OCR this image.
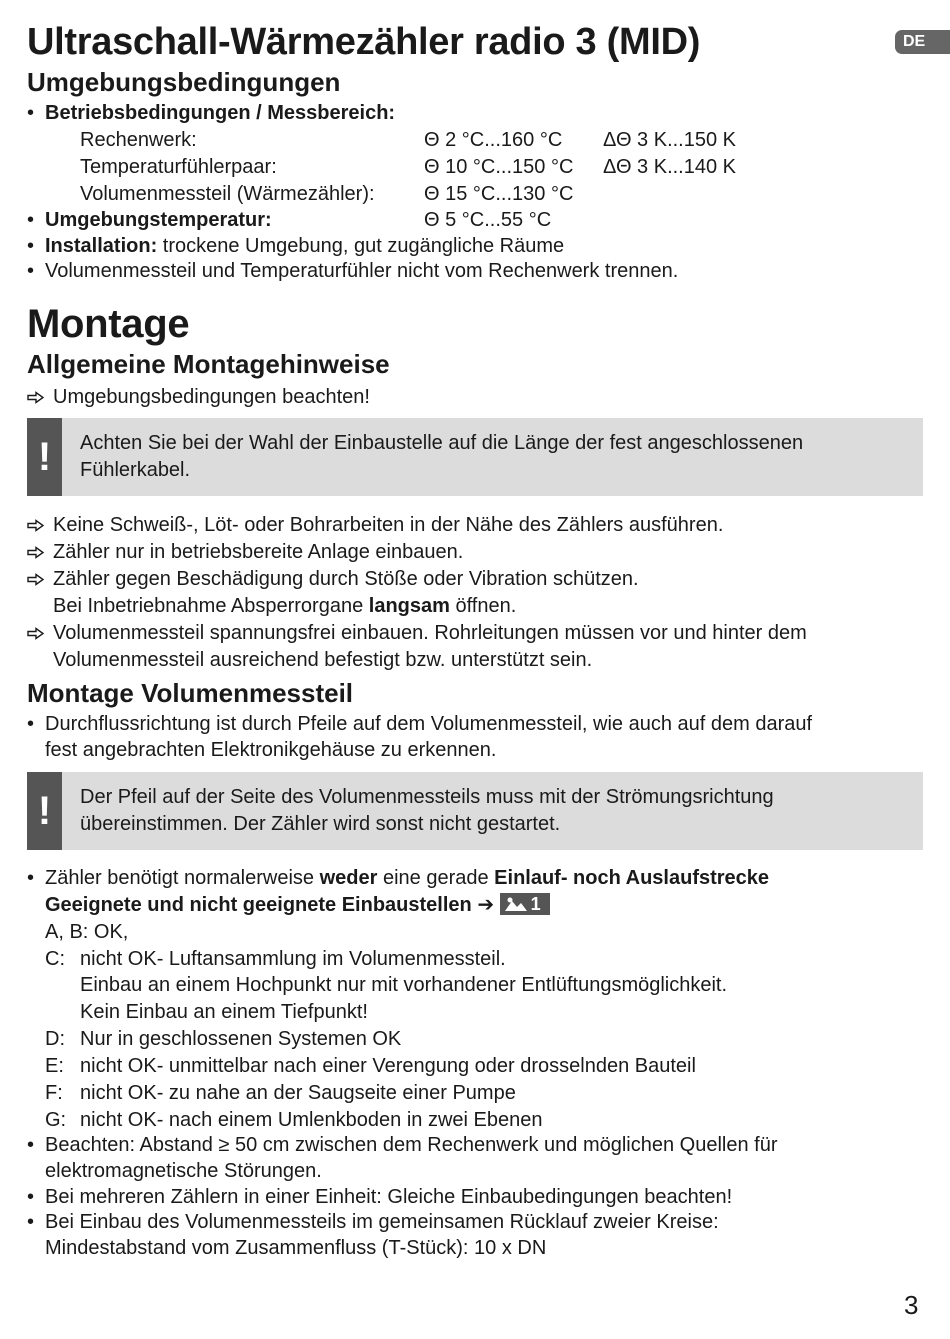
Ultraschall-Wärmezähler radio 3 (MID)	DE
Umgebungsbedingungen
• Betriebsbedingungen / Messbereich:
Rechenwerk:	Θ 2 °C...160 °C ΔΘ 3 K...150 K
Temperaturfühlerpaar:	Θ 10 °C...150 °C ΔΘ 3 K...140 K
Volumenmessteil (Wärmezähler): Θ 15 °C...130 °C
• Umgebungstemperatur:	Θ 5 °C...55 °C
• Installation: trockene Umgebung, gut zugängliche Räume
• Volumenmessteil und Temperaturfühler nicht vom Rechenwerk trennen.
Montage
Allgemeine Montagehinweise
Umgebungsbedingungen beachten!
!	Achten Sie bei der Wahl der Einbaustelle auf die Länge der fest angeschlossenen
Fühlerkabel.
Keine Schweiß-, Löt- oder Bohrarbeiten in der Nähe des Zählers ausführen.
Zähler nur in betriebsbereite Anlage einbauen.
Zähler gegen Beschädigung durch Stöße oder Vibration schützen.
Bei Inbetriebnahme Absperrorgane langsam öffnen.
Volumenmessteil spannungsfrei einbauen. Rohrleitungen müssen vor und hinter dem
Volumenmessteil ausreichend befestigt bzw. unterstützt sein.
Montage Volumenmessteil
• Durchflussrichtung ist durch Pfeile auf dem Volumenmessteil, wie auch auf dem darauf
fest angebrachten Elektronikgehäuse zu erkennen.
!	Der Pfeil auf der Seite des Volumenmessteils muss mit der Strömungsrichtung
übereinstimmen. Der Zähler wird sonst nicht gestartet.
• Zähler benötigt normalerweise weder eine gerade Einlauf- noch Auslaufstrecke
Geeignete und nicht geeignete Einbaustellen ➔ 1
A, B: OK,
C: nicht OK- Luftansammlung im Volumenmessteil.
Einbau an einem Hochpunkt nur mit vorhandener Entlüftungsmöglichkeit.
Kein Einbau an einem Tiefpunkt!
D: Nur in geschlossenen Systemen OK
E: nicht OK- unmittelbar nach einer Verengung oder drosselnden Bauteil
F: nicht OK- zu nahe an der Saugseite einer Pumpe
G: nicht OK- nach einem Umlenkboden in zwei Ebenen
• Beachten: Abstand ≥ 50 cm zwischen dem Rechenwerk und möglichen Quellen für
elektromagnetische Störungen.
• Bei mehreren Zählern in einer Einheit: Gleiche Einbaubedingungen beachten!
• Bei Einbau des Volumenmessteils im gemeinsamen Rücklauf zweier Kreise:
Mindestabstand vom Zusammenfluss (T-Stück): 10 x DN
3
